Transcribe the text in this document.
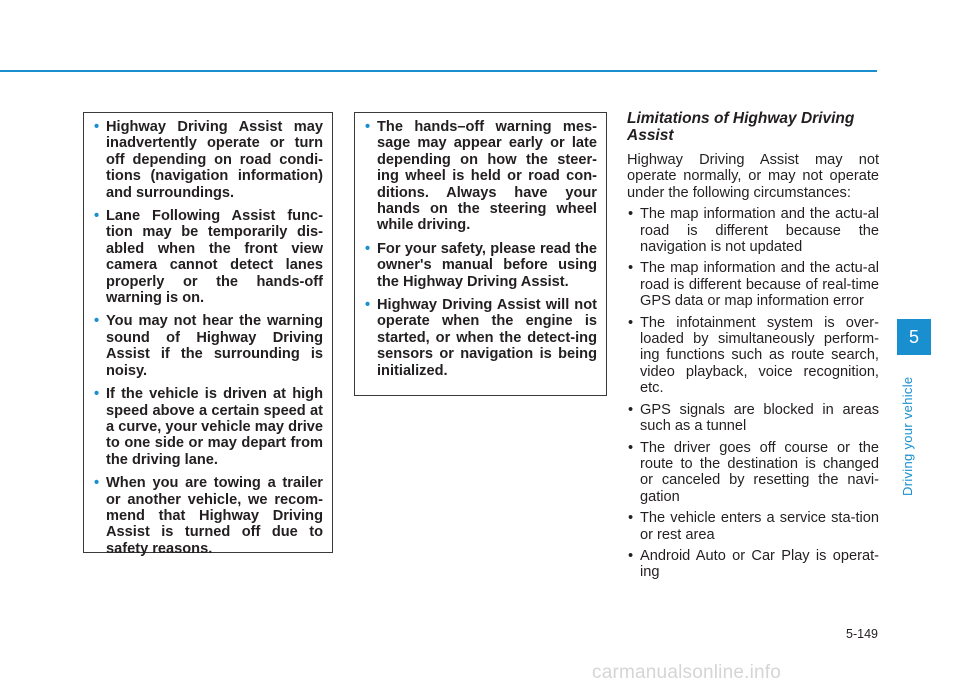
• Highway Driving Assist may inadvertently operate or turn off depending on road condi-tions (navigation information) and surroundings.
• Lane Following Assist func-tion may be temporarily dis-abled when the front view camera cannot detect lanes properly or the hands-off warning is on.
• You may not hear the warning sound of Highway Driving Assist if the surrounding is noisy.
• If the vehicle is driven at high speed above a certain speed at a curve, your vehicle may drive to one side or may depart from the driving lane.
• When you are towing a trailer or another vehicle, we recom-mend that Highway Driving Assist is turned off due to safety reasons.
• The hands–off warning mes-sage may appear early or late depending on how the steer-ing wheel is held or road con-ditions. Always have your hands on the steering wheel while driving.
• For your safety, please read the owner's manual before using the Highway Driving Assist.
• Highway Driving Assist will not operate when the engine is started, or when the detect-ing sensors or navigation is being initialized.
Limitations of Highway Driving Assist

Highway Driving Assist may not operate normally, or may not operate under the following circumstances:

• The map information and the actu-al road is different because the navigation is not updated
• The map information and the actu-al road is different because of real-time GPS data or map information error
• The infotainment system is over-loaded by simultaneously perform-ing functions such as route search, video playback, voice recognition, etc.
• GPS signals are blocked in areas such as a tunnel
• The driver goes off course or the route to the destination is changed or canceled by resetting the navi-gation
• The vehicle enters a service sta-tion or rest area
• Android Auto or Car Play is operat-ing
5
Driving your vehicle
5-149
carmanualsonline.info
